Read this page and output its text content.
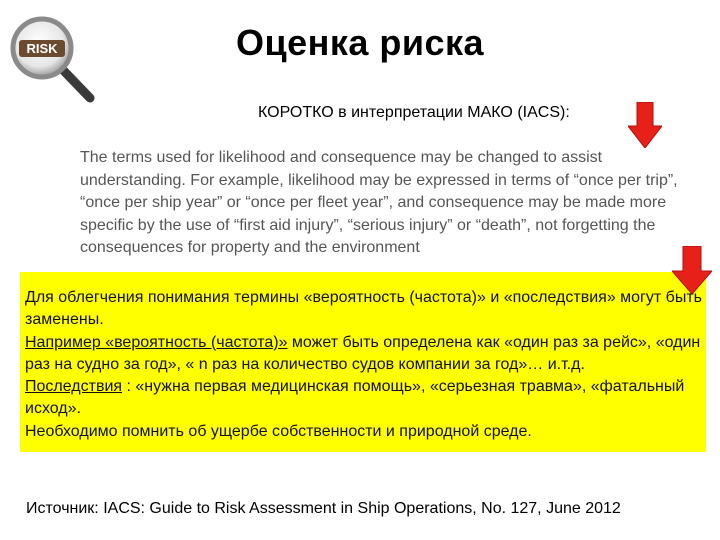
RISK	Оценка риска
КОРОТКО в интерпретации МАКО (IACS):
The terms used for likelihood and consequence may be changed to assist understanding. For example, likelihood may be expressed in terms of “once per trip”, “once per ship year” or “once per fleet year”, and consequence may be made more specific by the use of “first aid injury”, “serious injury” or “death”, not forgetting the consequences for property and the environment
Для облегчения понимания термины «вероятность (частота)» и «последствия» могут быть заменены.
Например «вероятность (частота)» может быть определена как «один раз за рейс», «один раз на судно за год», « n раз на количество судов компании за год»… и.т.д.
Последствия : «нужна первая медицинская помощь», «серьезная травма», «фатальный исход».
Необходимо помнить об ущербе собственности и природной среде.
Источник: IACS: Guide to Risk Assessment in Ship Operations, No. 127, June 2012
